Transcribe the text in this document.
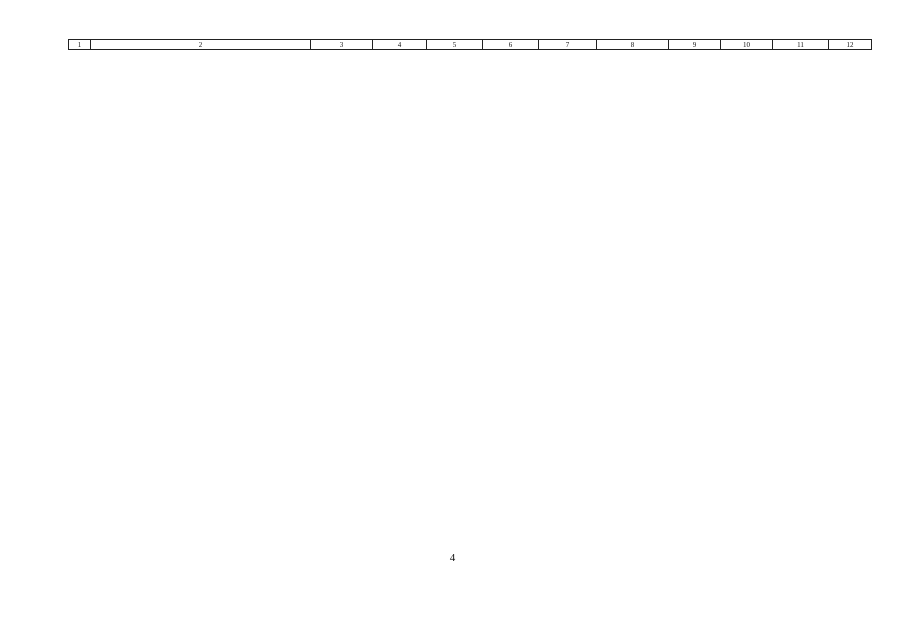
1	2	3	4	5	6	7	8	9	10	11	12
4
